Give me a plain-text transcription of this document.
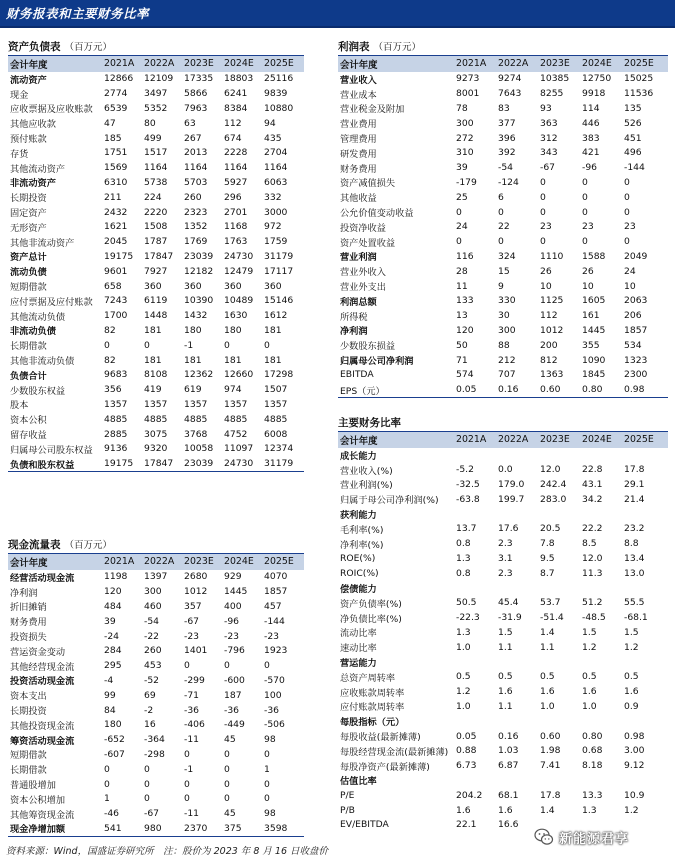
财务报表和主要财务比率
资产负债表 （百万元）
会计年度	2021A	2022A	2023E	2024E	2025E
流动资产	12866	12109	17335	18803	25116
现金	2774	3497	5866	6241	9839
应收票据及应收账款	6539	5352	7963	8384	10880
其他应收款	47	80	63	112	94
预付账款	185	499	267	674	435
存货	1751	1517	2013	2228	2704
其他流动资产	1569	1164	1164	1164	1164
非流动资产	6310	5738	5703	5927	6063
长期投资	211	224	260	296	332
固定资产	2432	2220	2323	2701	3000
无形资产	1621	1508	1352	1168	972
其他非流动资产	2045	1787	1769	1763	1759
资产总计	19175	17847	23039	24730	31179
流动负债	9601	7927	12182	12479	17117
短期借款	658	360	360	360	360
应付票据及应付账款	7243	6119	10390	10489	15146
其他流动负债	1700	1448	1432	1630	1612
非流动负债	82	181	180	180	181
长期借款	0	0	-1	0	0
其他非流动负债	82	181	181	181	181
负债合计	9683	8108	12362	12660	17298
少数股东权益	356	419	619	974	1507
股本	1357	1357	1357	1357	1357
资本公积	4885	4885	4885	4885	4885
留存收益	2885	3075	3768	4752	6008
归属母公司股东权益	9136	9320	10058	11097	12374
负债和股东权益	19175	17847	23039	24730	31179
利润表 （百万元）
会计年度	2021A	2022A	2023E	2024E	2025E
营业收入	9273	9274	10385	12750	15025
营业成本	8001	7643	8255	9918	11536
营业税金及附加	78	83	93	114	135
营业费用	300	377	363	446	526
管理费用	272	396	312	383	451
研发费用	310	392	343	421	496
财务费用	39	-54	-67	-96	-144
资产减值损失	-179	-124	0	0	0
其他收益	25	6	0	0	0
公允价值变动收益	0	0	0	0	0
投资净收益	24	22	23	23	23
资产处置收益	0	0	0	0	0
营业利润	116	324	1110	1588	2049
营业外收入	28	15	26	26	24
营业外支出	11	9	10	10	10
利润总额	133	330	1125	1605	2063
所得税	13	30	112	161	206
净利润	120	300	1012	1445	1857
少数股东损益	50	88	200	355	534
归属母公司净利润	71	212	812	1090	1323
EBITDA	574	707	1363	1845	2300
EPS（元）	0.05	0.16	0.60	0.80	0.98
主要财务比率
会计年度	2021A	2022A	2023E	2024E	2025E
成长能力					
营业收入(%)	-5.2	0.0	12.0	22.8	17.8
营业利润(%)	-32.5	179.0	242.4	43.1	29.1
归属于母公司净利润(%)	-63.8	199.7	283.0	34.2	21.4
获利能力					
毛利率(%)	13.7	17.6	20.5	22.2	23.2
净利率(%)	0.8	2.3	7.8	8.5	8.8
ROE(%)	1.3	3.1	9.5	12.0	13.4
ROIC(%)	0.8	2.3	8.7	11.3	13.0
偿债能力					
资产负债率(%)	50.5	45.4	53.7	51.2	55.5
净负债比率(%)	-22.3	-31.9	-51.4	-48.5	-68.1
流动比率	1.3	1.5	1.4	1.5	1.5
速动比率	1.0	1.1	1.1	1.2	1.2
营运能力					
总资产周转率	0.5	0.5	0.5	0.5	0.5
应收账款周转率	1.2	1.6	1.6	1.6	1.6
应付账款周转率	1.0	1.1	1.0	1.0	0.9
每股指标（元）					
每股收益(最新摊薄)	0.05	0.16	0.60	0.80	0.98
每股经营现金流(最新摊薄)	0.88	1.03	1.98	0.68	3.00
每股净资产(最新摊薄)	6.73	6.87	7.41	8.18	9.12
估值比率					
P/E	204.2	68.1	17.8	13.3	10.9
P/B	1.6	1.6	1.4	1.3	1.2
EV/EBITDA	22.1	16.6			
现金流量表 （百万元）
会计年度	2021A	2022A	2023E	2024E	2025E
经营活动现金流	1198	1397	2680	929	4070
净利润	120	300	1012	1445	1857
折旧摊销	484	460	357	400	457
财务费用	39	-54	-67	-96	-144
投资损失	-24	-22	-23	-23	-23
营运资金变动	284	260	1401	-796	1923
其他经营现金流	295	453	0	0	0
投资活动现金流	-4	-52	-299	-600	-570
资本支出	99	69	-71	187	100
长期投资	84	-2	-36	-36	-36
其他投资现金流	180	16	-406	-449	-506
筹资活动现金流	-652	-364	-11	45	98
短期借款	-607	-298	0	0	0
长期借款	0	0	-1	0	1
普通股增加	0	0	0	0	0
资本公积增加	1	0	0	0	0
其他筹资现金流	-46	-67	-11	45	98
现金净增加额	541	980	2370	375	3598
资料来源：Wind，国盛证券研究所　注：股价为 2023 年 8 月 16 日收盘价
新能源君享
